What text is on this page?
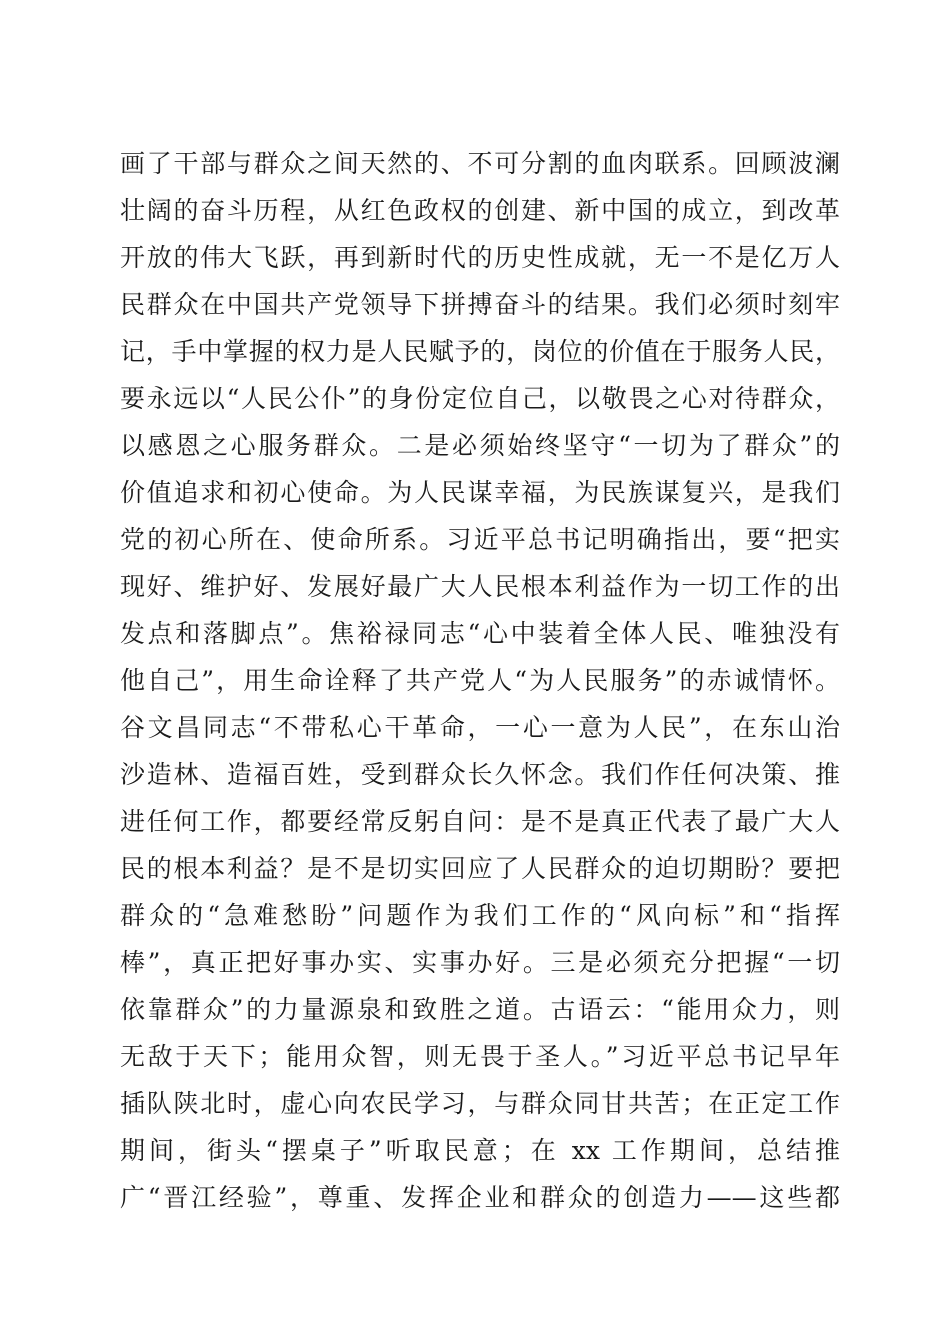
画了干部与群众之间天然的、不可分割的血肉联系。回顾波澜
壮阔的奋斗历程，从红色政权的创建、新中国的成立，到改革
开放的伟大飞跃，再到新时代的历史性成就，无一不是亿万人
民群众在中国共产党领导下拼搏奋斗的结果。我们必须时刻牢
记，手中掌握的权力是人民赋予的，岗位的价值在于服务人民，
要永远以“人民公仆”的身份定位自己，以敬畏之心对待群众，
以感恩之心服务群众。二是必须始终坚守“一切为了群众”的
价值追求和初心使命。为人民谋幸福，为民族谋复兴，是我们
党的初心所在、使命所系。习近平总书记明确指出，要“把实
现好、维护好、发展好最广大人民根本利益作为一切工作的出
发点和落脚点”。焦裕禄同志“心中装着全体人民、唯独没有
他自己”，用生命诠释了共产党人“为人民服务”的赤诚情怀。
谷文昌同志“不带私心干革命，一心一意为人民”，在东山治
沙造林、造福百姓，受到群众长久怀念。我们作任何决策、推
进任何工作，都要经常反躬自问：是不是真正代表了最广大人
民的根本利益？是不是切实回应了人民群众的迫切期盼？要把
群众的“急难愁盼”问题作为我们工作的“风向标”和“指挥
棒”，真正把好事办实、实事办好。三是必须充分把握“一切
依靠群众”的力量源泉和致胜之道。古语云：“能用众力，则
无敌于天下；能用众智，则无畏于圣人。”习近平总书记早年
插队陕北时，虚心向农民学习，与群众同甘共苦；在正定工作
期间，街头“摆桌子”听取民意；在 xx 工作期间，总结推
广“晋江经验”，尊重、发挥企业和群众的创造力——这些都
